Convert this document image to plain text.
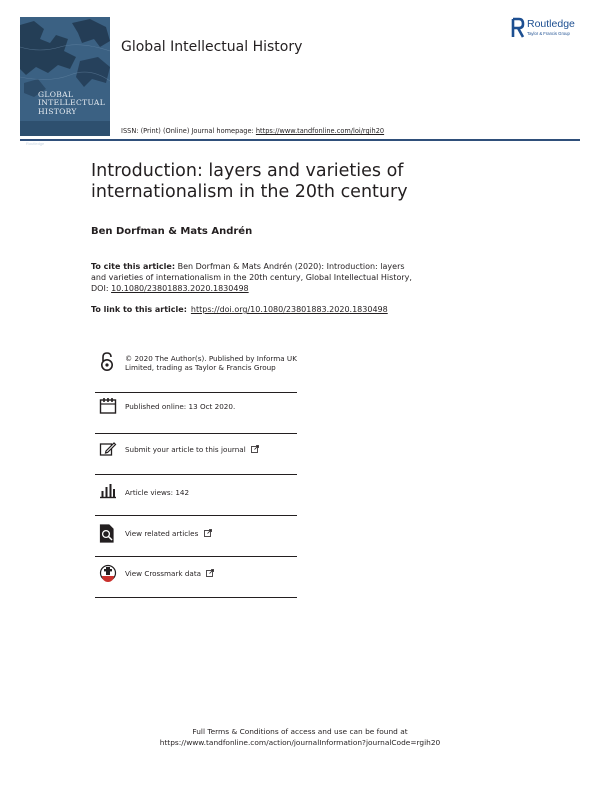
GLOBAL
INTELLECTUAL
HISTORY
Routledge
Global Intellectual History
Routledge
Taylor & Francis Group
ISSN: (Print) (Online) Journal homepage: https://www.tandfonline.com/loi/rgih20
Introduction: layers and varieties of internationalism in the 20th century
Ben Dorfman & Mats Andrén
To cite this article: Ben Dorfman & Mats Andrén (2020): Introduction: layers and varieties of internationalism in the 20th century, Global Intellectual History, DOI: 10.1080/23801883.2020.1830498
To link to this article: https://doi.org/10.1080/23801883.2020.1830498
© 2020 The Author(s). Published by Informa UK Limited, trading as Taylor & Francis Group
Published online: 13 Oct 2020.
Submit your article to this journal
Article views: 142
View related articles
View Crossmark data
Full Terms & Conditions of access and use can be found at
https://www.tandfonline.com/action/journalInformation?journalCode=rgih20
